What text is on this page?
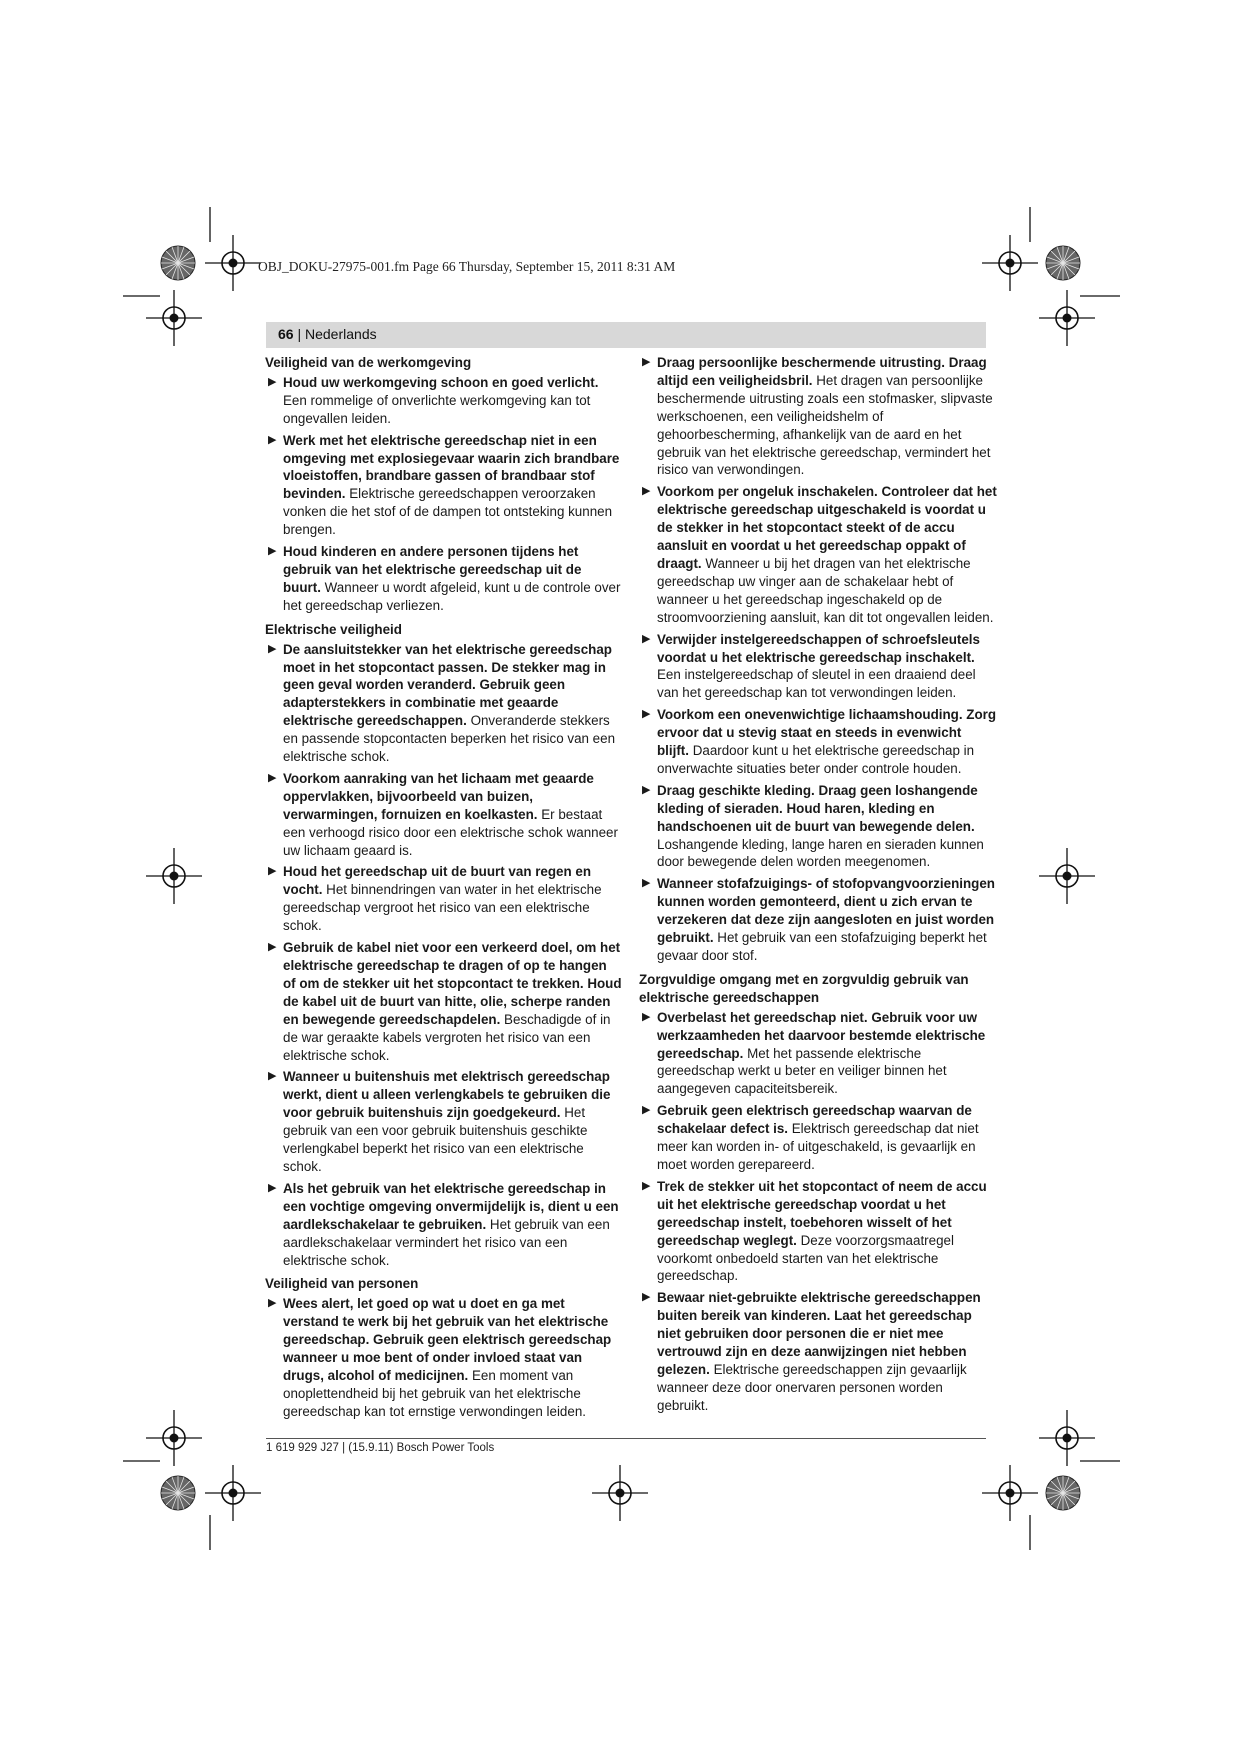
OBJ_DOKU-27975-001.fm Page 66 Thursday, September 15, 2011 8:31 AM
66 | Nederlands
Veiligheid van de werkomgeving
▶ Houd uw werkomgeving schoon en goed verlicht. Een rommelige of onverlichte werkomgeving kan tot ongevallen leiden.
▶ Werk met het elektrische gereedschap niet in een omgeving met explosiegevaar waarin zich brandbare vloeistoffen, brandbare gassen of brandbaar stof bevinden. Elektrische gereedschappen veroorzaken vonken die het stof of de dampen tot ontsteking kunnen brengen.
▶ Houd kinderen en andere personen tijdens het gebruik van het elektrische gereedschap uit de buurt. Wanneer u wordt afgeleid, kunt u de controle over het gereedschap verliezen.
Elektrische veiligheid
▶ De aansluitstekker van het elektrische gereedschap moet in het stopcontact passen. De stekker mag in geen geval worden veranderd. Gebruik geen adapterstekkers in combinatie met geaarde elektrische gereedschappen. Onveranderde stekkers en passende stopcontacten beperken het risico van een elektrische schok.
▶ Voorkom aanraking van het lichaam met geaarde oppervlakken, bijvoorbeeld van buizen, verwarmingen, fornuizen en koelkasten. Er bestaat een verhoogd risico door een elektrische schok wanneer uw lichaam geaard is.
▶ Houd het gereedschap uit de buurt van regen en vocht. Het binnendringen van water in het elektrische gereedschap vergroot het risico van een elektrische schok.
▶ Gebruik de kabel niet voor een verkeerd doel, om het elektrische gereedschap te dragen of op te hangen of om de stekker uit het stopcontact te trekken. Houd de kabel uit de buurt van hitte, olie, scherpe randen en bewegende gereedschapdelen. Beschadigde of in de war geraakte kabels vergroten het risico van een elektrische schok.
▶ Wanneer u buitenshuis met elektrisch gereedschap werkt, dient u alleen verlengkabels te gebruiken die voor gebruik buitenshuis zijn goedgekeurd. Het gebruik van een voor gebruik buitenshuis geschikte verlengkabel beperkt het risico van een elektrische schok.
▶ Als het gebruik van het elektrische gereedschap in een vochtige omgeving onvermijdelijk is, dient u een aardlekschakelaar te gebruiken. Het gebruik van een aardlekschakelaar vermindert het risico van een elektrische schok.
Veiligheid van personen
▶ Wees alert, let goed op wat u doet en ga met verstand te werk bij het gebruik van het elektrische gereedschap. Gebruik geen elektrisch gereedschap wanneer u moe bent of onder invloed staat van drugs, alcohol of medicijnen. Een moment van onoplettendheid bij het gebruik van het elektrische gereedschap kan tot ernstige verwondingen leiden.
▶ Draag persoonlijke beschermende uitrusting. Draag altijd een veiligheidsbril. Het dragen van persoonlijke beschermende uitrusting zoals een stofmasker, slipvaste werkschoenen, een veiligheidshelm of gehoorbescherming, afhankelijk van de aard en het gebruik van het elektrische gereedschap, vermindert het risico van verwondingen.
▶ Voorkom per ongeluk inschakelen. Controleer dat het elektrische gereedschap uitgeschakeld is voordat u de stekker in het stopcontact steekt of de accu aansluit en voordat u het gereedschap oppakt of draagt. Wanneer u bij het dragen van het elektrische gereedschap uw vinger aan de schakelaar hebt of wanneer u het gereedschap ingeschakeld op de stroomvoorziening aansluit, kan dit tot ongevallen leiden.
▶ Verwijder instelgereedschappen of schroefsleutels voordat u het elektrische gereedschap inschakelt. Een instelgereedschap of sleutel in een draaiend deel van het gereedschap kan tot verwondingen leiden.
▶ Voorkom een onevenwichtige lichaamshouding. Zorg ervoor dat u stevig staat en steeds in evenwicht blijft. Daardoor kunt u het elektrische gereedschap in onverwachte situaties beter onder controle houden.
▶ Draag geschikte kleding. Draag geen loshangende kleding of sieraden. Houd haren, kleding en handschoenen uit de buurt van bewegende delen. Loshangende kleding, lange haren en sieraden kunnen door bewegende delen worden meegenomen.
▶ Wanneer stofafzuigings- of stofopvangvoorzieningen kunnen worden gemonteerd, dient u zich ervan te verzekeren dat deze zijn aangesloten en juist worden gebruikt. Het gebruik van een stofafzuiging beperkt het gevaar door stof.
Zorgvuldige omgang met en zorgvuldig gebruik van elektrische gereedschappen
▶ Overbelast het gereedschap niet. Gebruik voor uw werkzaamheden het daarvoor bestemde elektrische gereedschap. Met het passende elektrische gereedschap werkt u beter en veiliger binnen het aangegeven capaciteitsbereik.
▶ Gebruik geen elektrisch gereedschap waarvan de schakelaar defect is. Elektrisch gereedschap dat niet meer kan worden in- of uitgeschakeld, is gevaarlijk en moet worden gerepareerd.
▶ Trek de stekker uit het stopcontact of neem de accu uit het elektrische gereedschap voordat u het gereedschap instelt, toebehoren wisselt of het gereedschap weglegt. Deze voorzorgsmaatregel voorkomt onbedoeld starten van het elektrische gereedschap.
▶ Bewaar niet-gebruikte elektrische gereedschappen buiten bereik van kinderen. Laat het gereedschap niet gebruiken door personen die er niet mee vertrouwd zijn en deze aanwijzingen niet hebben gelezen. Elektrische gereedschappen zijn gevaarlijk wanneer deze door onervaren personen worden gebruikt.
1 619 929 J27 | (15.9.11) Bosch Power Tools
